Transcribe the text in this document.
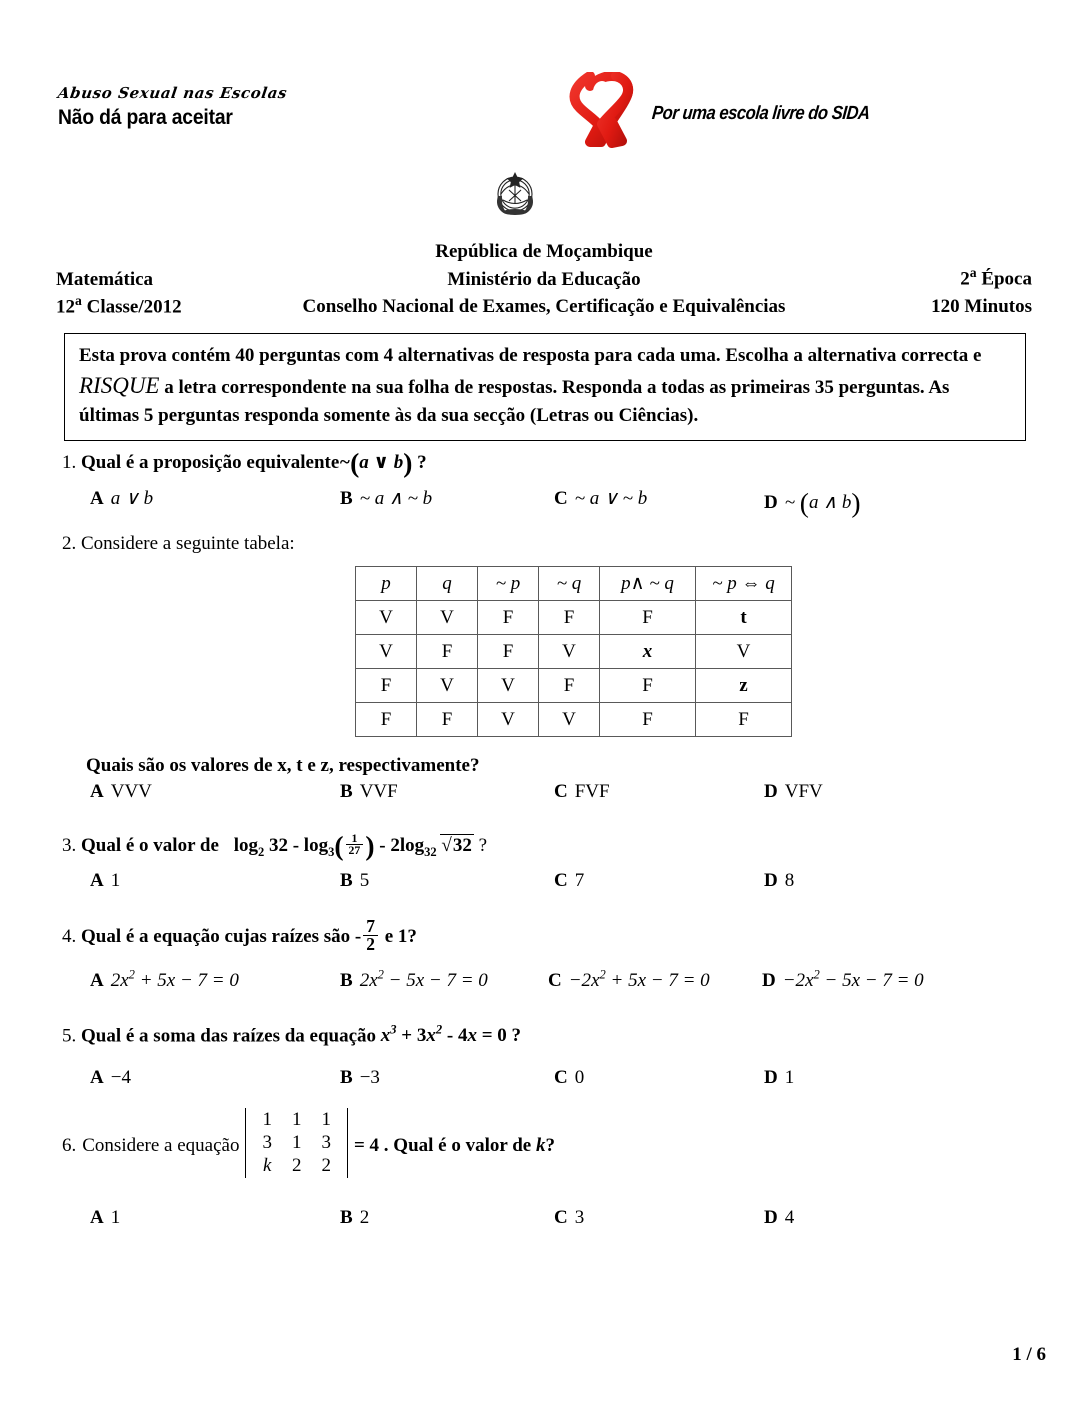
Abuso Sexual nas Escolas
Não dá para aceitar	Por uma escola livre do SIDA
República de Moçambique
Matemática	Ministério da Educação	2$^a$ Época
12$^a$ Classe/2012	Conselho Nacional de Exames, Certificação e Equivalências	120 Minutos
Esta prova contém 40 perguntas com 4 alternativas de resposta para cada uma. Escolha a alternativa correcta e RISQUE a letra correspondente na sua folha de respostas. Responda a todas as primeiras 35 perguntas. As últimas 5 perguntas responda somente às da sua secção (Letras ou Ciências).
1. Qual é a proposição equivalente~(a ∨ b) ?
A a ∨ b	B ~ a ∧ ~ b	C ~ a ∨ ~ b	D ~ (a ∧ b)
2. Considere a seguinte tabela:
p	q	~ p	~ q	p∧ ~ q	~ p ⇔ q
V	V	F	F	F	t
V	F	F	V	x	V
F	V	V	F	F	z
F	F	V	V	F	F
Quais são os valores de x, t e z, respectivamente?
A VVV	B VVF	C FVF	D VFV
3. Qual é o valor de $\log_2 32 - \log_3( \frac{1}{27}$ ) - $2\log_{32}$ √32 ?
A 1	B 5	C 7	D 8
4. Qual é a equação cujas raízes são - $\frac{7}{2}$ e 1?
A $2x^2 + 5x - 7 = 0$	B $2x^2 - 5x - 7 = 0$	$C -2x^2 + 5x - 7 = 0$	$D -2x^2 - 5x - 7 = 0$
5. Qual é a soma das raízes da equação $x^3 + 3x^2 - 4x = 0$ ?
A −4	B −3	C 0	D 1
6. Considere a equação
1	1	1
3	1	3
k	2	2
= 4 . Qual é o valor de k?
A 1	B 2	C 3	D 4
1 / 6
